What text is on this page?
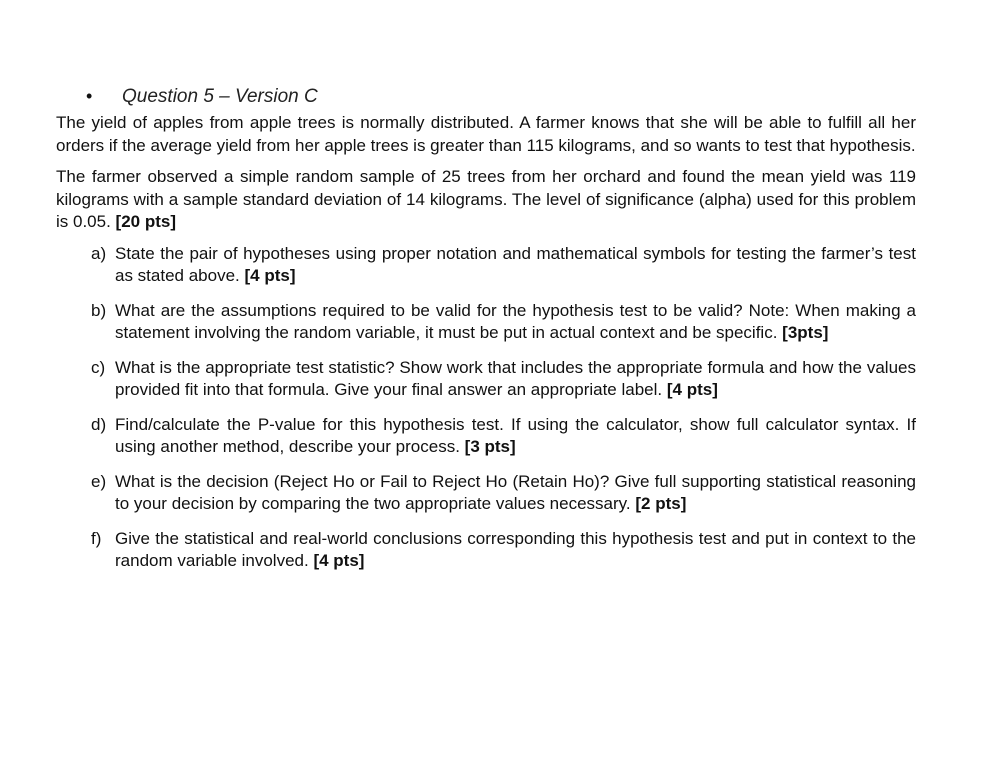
• Question 5 – Version C

The yield of apples from apple trees is normally distributed. A farmer knows that she will be able to fulfill all her orders if the average yield from her apple trees is greater than 115 kilograms, and so wants to test that hypothesis.

The farmer observed a simple random sample of 25 trees from her orchard and found the mean yield was 119 kilograms with a sample standard deviation of 14 kilograms. The level of significance (alpha) used for this problem is 0.05. [20 pts]

a) State the pair of hypotheses using proper notation and mathematical symbols for testing the farmer’s test as stated above. [4 pts]
b) What are the assumptions required to be valid for the hypothesis test to be valid? Note: When making a statement involving the random variable, it must be put in actual context and be specific. [3pts]
c) What is the appropriate test statistic? Show work that includes the appropriate formula and how the values provided fit into that formula. Give your final answer an appropriate label. [4 pts]
d) Find/calculate the P-value for this hypothesis test. If using the calculator, show full calculator syntax. If using another method, describe your process. [3 pts]
e) What is the decision (Reject Ho or Fail to Reject Ho (Retain Ho)? Give full supporting statistical reasoning to your decision by comparing the two appropriate values necessary. [2 pts]
f) Give the statistical and real-world conclusions corresponding this hypothesis test and put in context to the random variable involved. [4 pts]
